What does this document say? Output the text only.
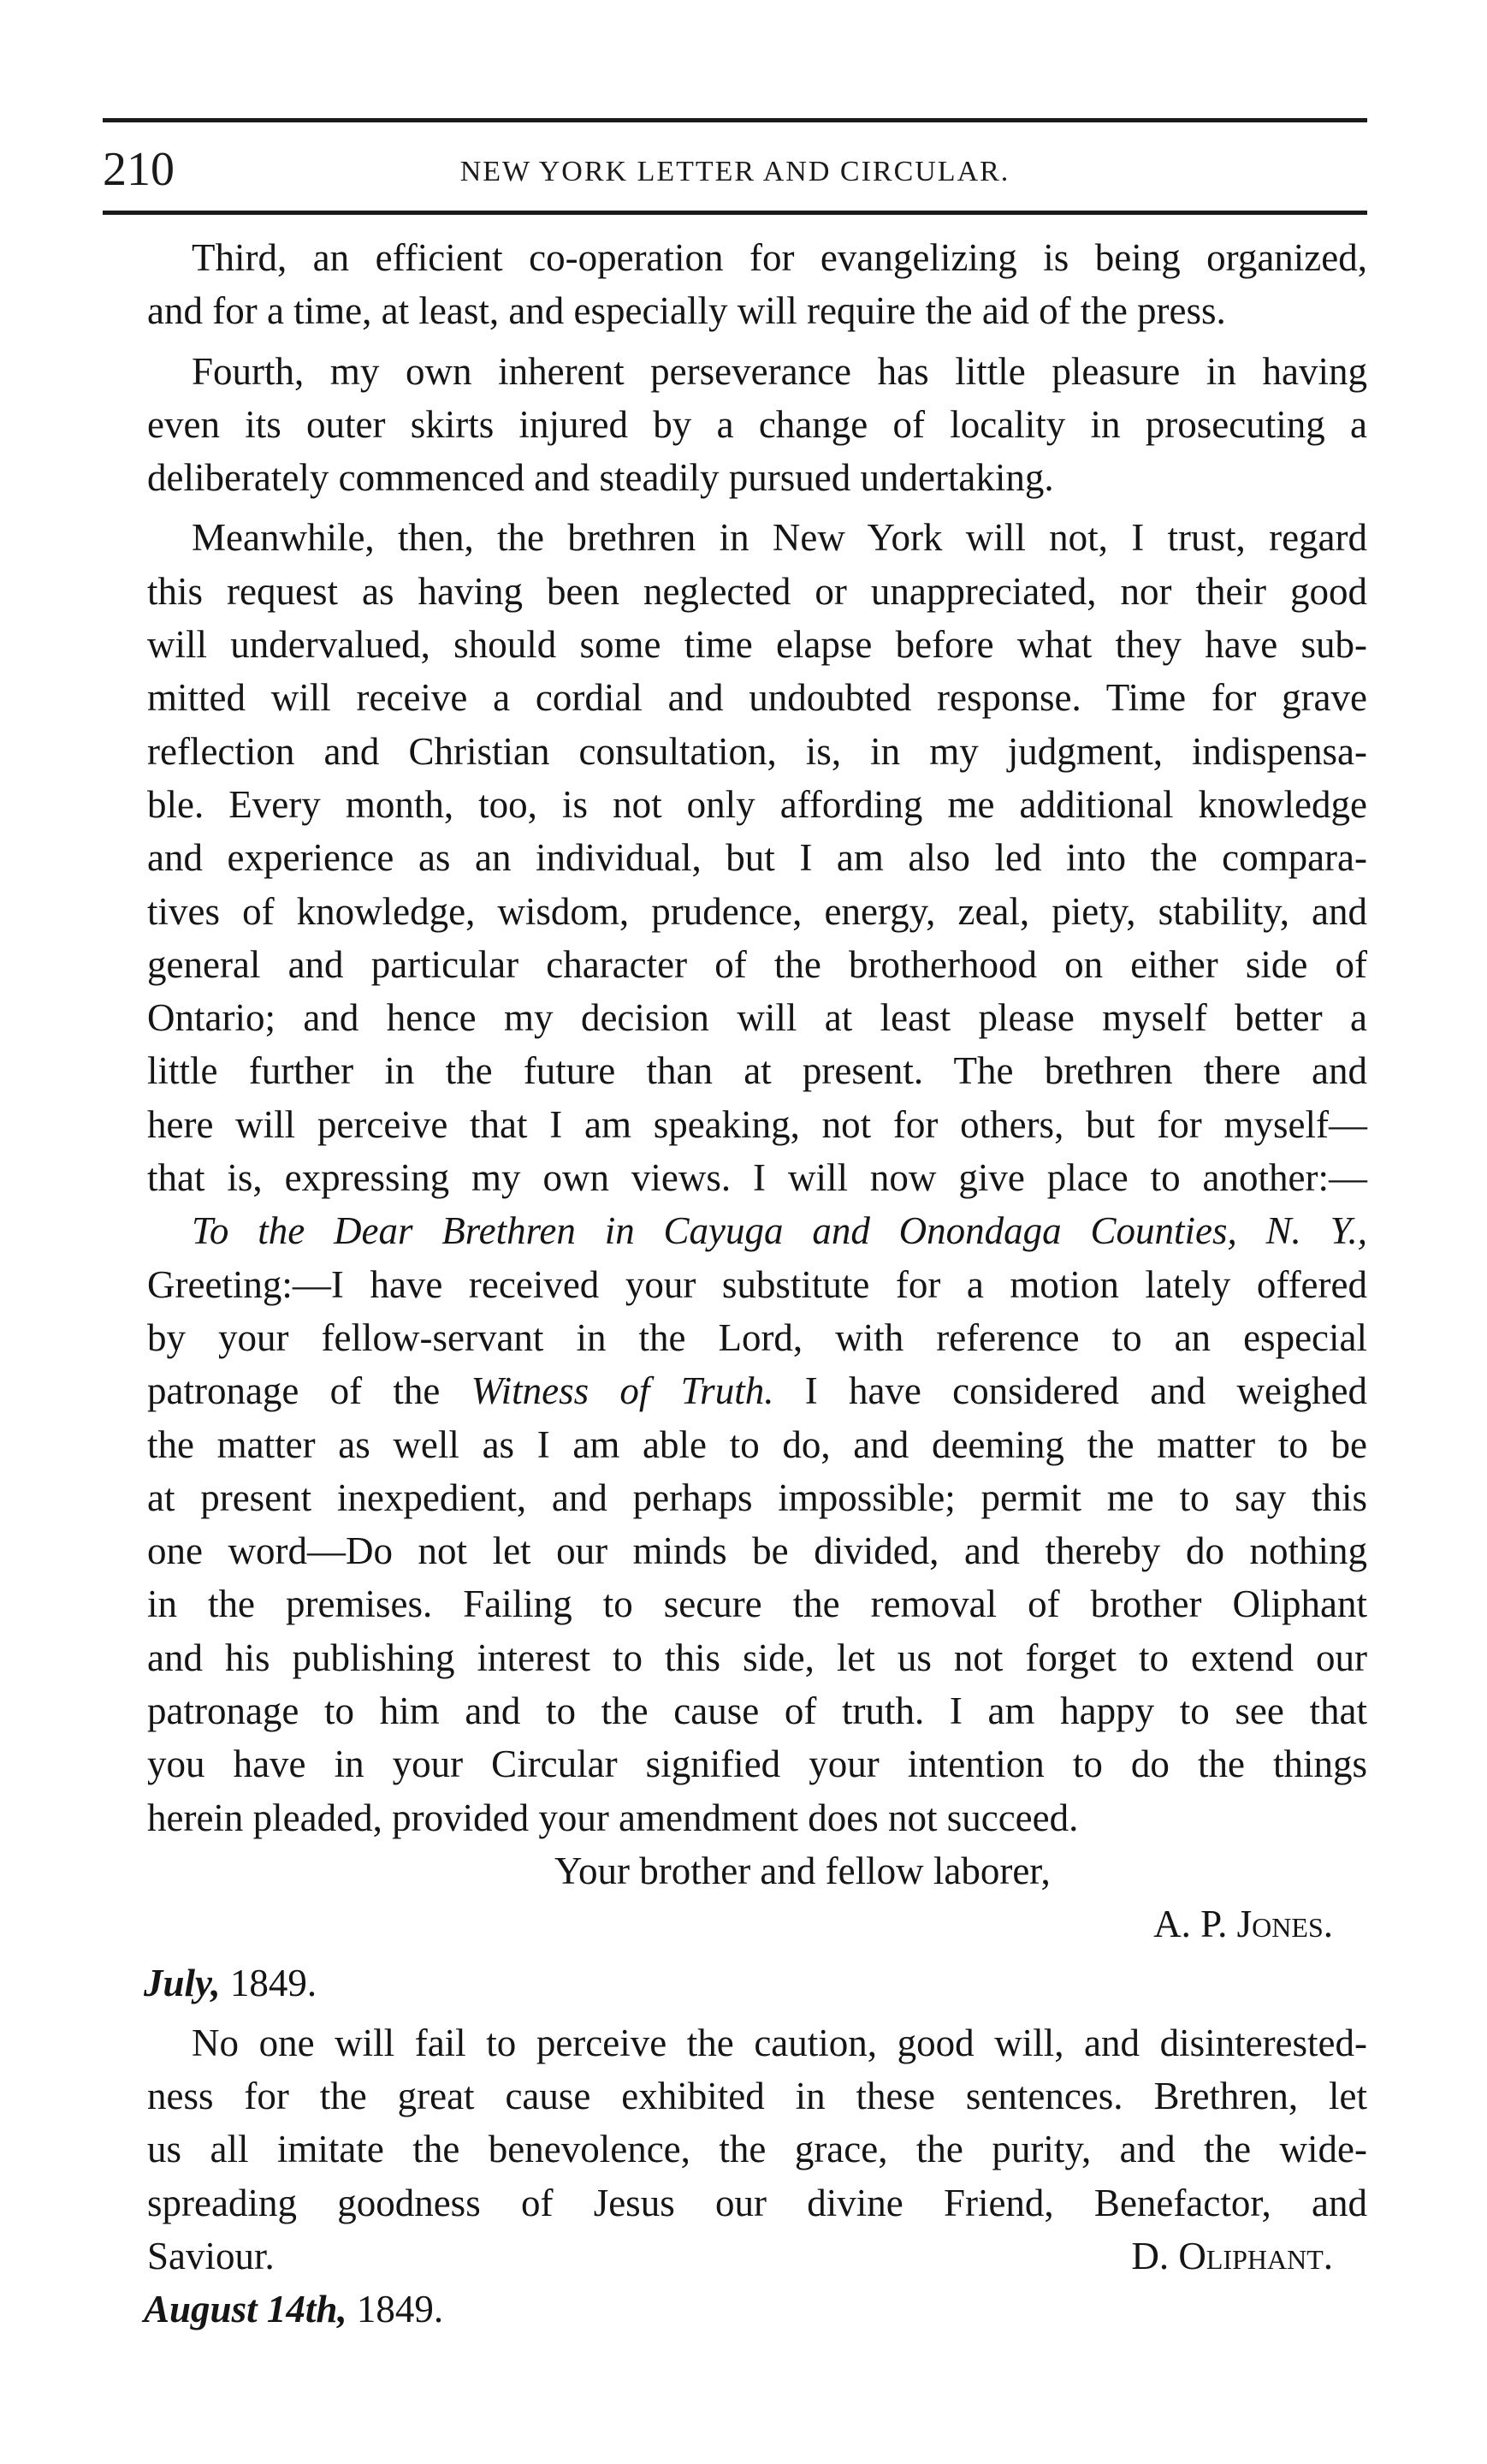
210	NEW YORK LETTER AND CIRCULAR.
Third, an efficient co-operation for evangelizing is being organized,
and for a time, at least, and especially will require the aid of the press.
Fourth, my own inherent perseverance has little pleasure in having
even its outer skirts injured by a change of locality in prosecuting a
deliberately commenced and steadily pursued undertaking.
Meanwhile, then, the brethren in New York will not, I trust, regard
this request as having been neglected or unappreciated, nor their good
will undervalued, should some time elapse before what they have sub-
mitted will receive a cordial and undoubted response. Time for grave
reflection and Christian consultation, is, in my judgment, indispensa-
ble. Every month, too, is not only affording me additional knowledge
and experience as an individual, but I am also led into the compara-
tives of knowledge, wisdom, prudence, energy, zeal, piety, stability, and
general and particular character of the brotherhood on either side of
Ontario; and hence my decision will at least please myself better a
little further in the future than at present. The brethren there and
here will perceive that I am speaking, not for others, but for myself—
that is, expressing my own views. I will now give place to another:—
To the Dear Brethren in Cayuga and Onondaga Counties, N. Y.,
Greeting:—I have received your substitute for a motion lately offered
by your fellow-servant in the Lord, with reference to an especial
patronage of the Witness of Truth. I have considered and weighed
the matter as well as I am able to do, and deeming the matter to be
at present inexpedient, and perhaps impossible; permit me to say this
one word—Do not let our minds be divided, and thereby do nothing
in the premises. Failing to secure the removal of brother Oliphant
and his publishing interest to this side, let us not forget to extend our
patronage to him and to the cause of truth. I am happy to see that
you have in your Circular signified your intention to do the things
herein pleaded, provided your amendment does not succeed.
Your brother and fellow laborer,
A. P. Jones.
July, 1849.
No one will fail to perceive the caution, good will, and disinterested-
ness for the great cause exhibited in these sentences. Brethren, let
us all imitate the benevolence, the grace, the purity, and the wide-
spreading goodness of Jesus our divine Friend, Benefactor, and
Saviour.	D. Oliphant.
August 14th, 1849.
